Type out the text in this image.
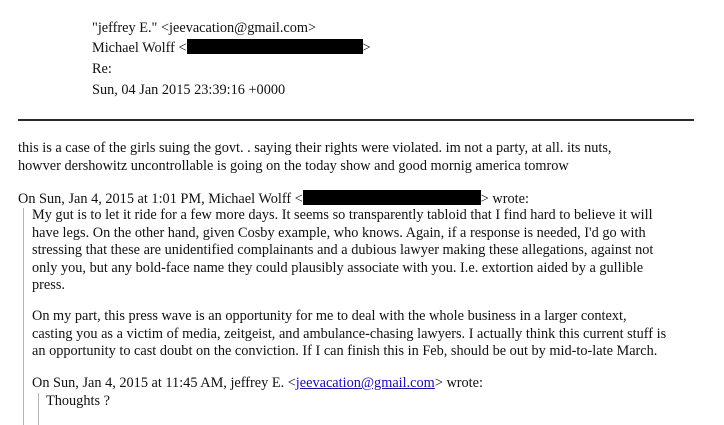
"jeffrey E." <jeevacation@gmail.com>
Michael Wolff <	>
Re:
Sun, 04 Jan 2015 23:39:16 +0000
this is a case of the girls suing the govt. . saying their rights were violated. im not a party, at all. its nuts,
howver dershowitz uncontrollable is going on the today show and good mornig america tomrow
On Sun, Jan 4, 2015 at 1:01 PM, Michael Wolff <	> wrote:
My gut is to let it ride for a few more days. It seems so transparently tabloid that I find hard to believe it will
have legs. On the other hand, given Cosby example, who knows. Again, if a response is needed, I'd go with
stressing that these are unidentified complainants and a dubious lawyer making these allegations, against not
only you, but any bold-face name they could plausibly associate with you. I.e. extortion aided by a gullible
press.
On my part, this press wave is an opportunity for me to deal with the whole business in a larger context,
casting you as a victim of media, zeitgeist, and ambulance-chasing lawyers. I actually think this current stuff is
an opportunity to cast doubt on the conviction. If I can finish this in Feb, should be out by mid-to-late March.
On Sun, Jan 4, 2015 at 11:45 AM, jeffrey E. <jeevacation@gmail.com> wrote:
Thoughts ?
